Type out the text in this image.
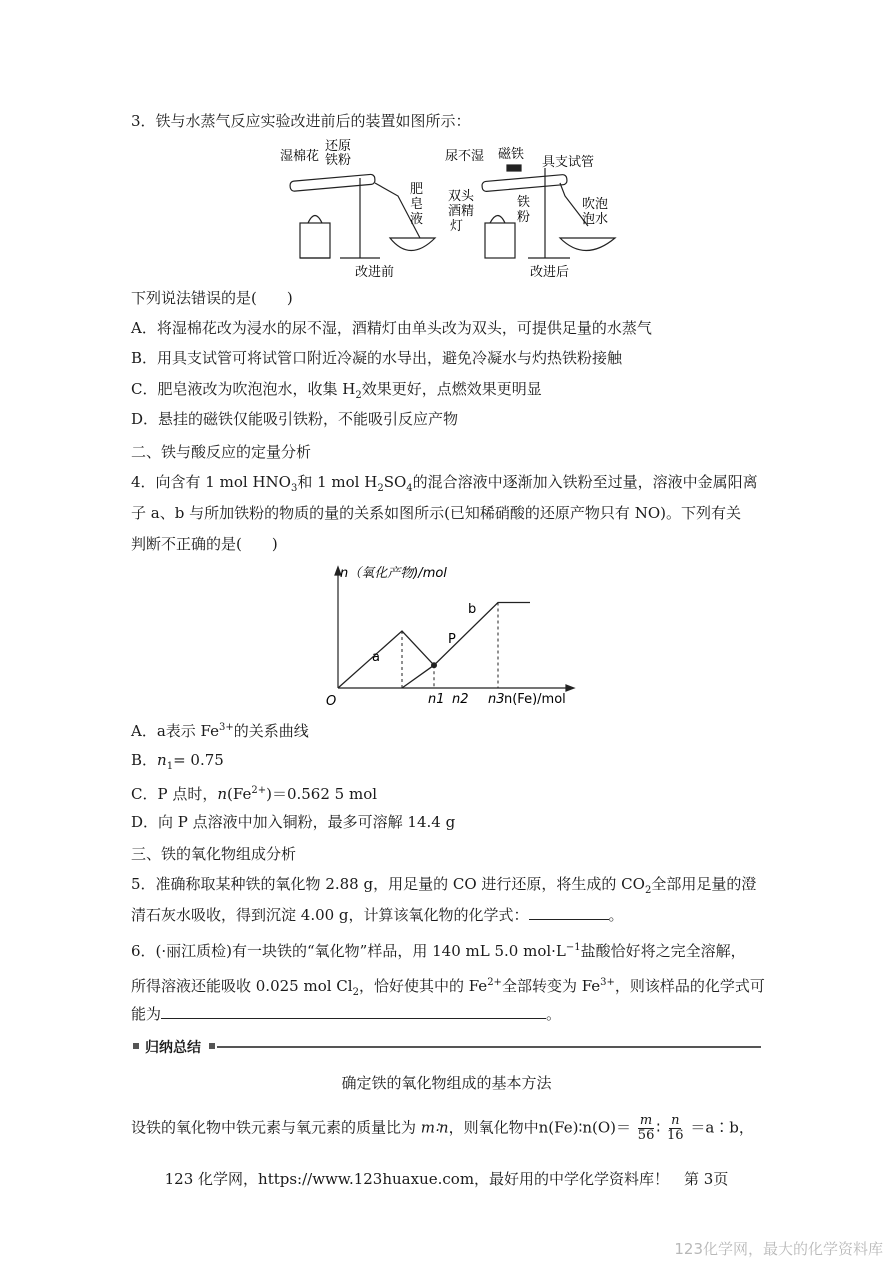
3．铁与水蒸气反应实验改进前后的装置如图所示：
改进前	改进后
湿棉花
还原
铁粉
肥
皂
液
尿不湿 磁铁
具支试管
双头
酒精
灯
铁
粉
吹泡
泡水
下列说法错误的是(　　)
A．将湿棉花改为浸水的尿不湿，酒精灯由单头改为双头，可提供足量的水蒸气
B．用具支试管可将试管口附近冷凝的水导出，避免冷凝水与灼热铁粉接触
C．肥皂液改为吹泡泡水，收集 $H_2$效果更好，点燃效果更明显
D．悬挂的磁铁仅能吸引铁粉，不能吸引反应产物
二、铁与酸反应的定量分析
4．向含有 1 mol $HNO_3$和 1 mol $H_2SO_4$的混合溶液中逐渐加入铁粉至过量，溶液中金属阳离
子 a、b 与所加铁粉的物质的量的关系如图所示(已知稀硝酸的还原产物只有 NO)。下列有关
判断不正确的是(　　)
n（氧化产物)/mol
n(Fe)/mol
O	n1 n2 n3
P
a
b
A．a表示 $Fe^{3+}$的关系曲线
B．$n_1= 0.75$
C．P 点时，$n(Fe^{2+})=0.562$ 5 mol
D．向 P 点溶液中加入铜粉，最多可溶解 14.4 g
三、铁的氧化物组成分析
5．准确称取某种铁的氧化物 2.88 g，用足量的 CO 进行还原，将生成的 $CO_2$全部用足量的澄
清石灰水吸收，得到沉淀 4.00 g，计算该氧化物的化学式：	。
6．(·丽江质检)有一块铁的“氧化物”样品，用 140 mL 5.0 $mol\cdot L^{-1}$盐酸恰好将之完全溶解，
所得溶液还能吸收 0.025 mol $Cl_2$，恰好使其中的 $Fe^{2+}$全部转变为 $Fe^{3+}$，则该样品的化学式可
能为	。
归纳总结
确定铁的氧化物组成的基本方法
设铁的氧化物中铁元素与氧元素的质量比为 m∶n，则氧化物中n(Fe)∶n(O)＝ $\frac{m}{56}$ ∶ $\frac{n}{16}$ ＝a∶b，
123 化学网，https://www.123huaxue.com，最好用的中学化学资料库！　第 3页
123化学网，最大的化学资料库
